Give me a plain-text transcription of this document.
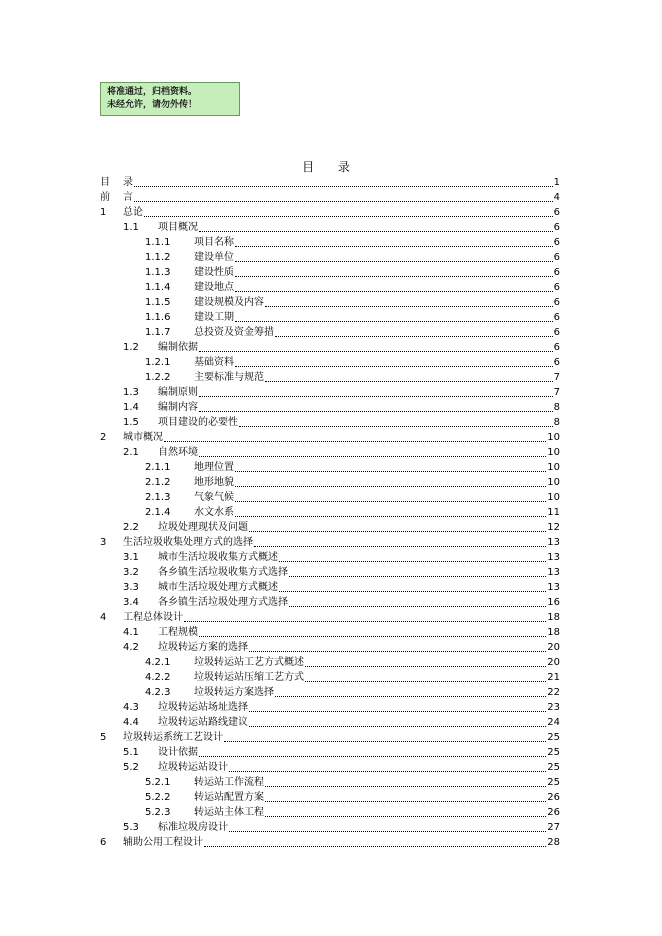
将准通过，归档资料。
未经允许，请勿外传！
目 录
目 录	1
前 言	4
1 总论	6
1.1 项目概况	6
1.1.1 项目名称	6
1.1.2 建设单位	6
1.1.3 建设性质	6
1.1.4 建设地点	6
1.1.5 建设规模及内容	6
1.1.6 建设工期	6
1.1.7 总投资及资金筹措	6
1.2 编制依据	6
1.2.1 基础资料	6
1.2.2 主要标准与规范	7
1.3 编制原则	7
1.4 编制内容	8
1.5 项目建设的必要性	8
2 城市概况	10
2.1 自然环境	10
2.1.1 地理位置	10
2.1.2 地形地貌	10
2.1.3 气象气候	10
2.1.4 水文水系	11
2.2 垃圾处理现状及问题	12
3 生活垃圾收集处理方式的选择	13
3.1 城市生活垃圾收集方式概述	13
3.2 各乡镇生活垃圾收集方式选择	13
3.3 城市生活垃圾处理方式概述	13
3.4 各乡镇生活垃圾处理方式选择	16
4 工程总体设计	18
4.1 工程规模	18
4.2 垃圾转运方案的选择	20
4.2.1 垃圾转运站工艺方式概述	20
4.2.2 垃圾转运站压缩工艺方式	21
4.2.3 垃圾转运方案选择	22
4.3 垃圾转运站场址选择	23
4.4 垃圾转运站路线建议	24
5 垃圾转运系统工艺设计	25
5.1 设计依据	25
5.2 垃圾转运站设计	25
5.2.1 转运站工作流程	25
5.2.2 转运站配置方案	26
5.2.3 转运站主体工程	26
5.3 标准垃圾房设计	27
6 辅助公用工程设计	28
